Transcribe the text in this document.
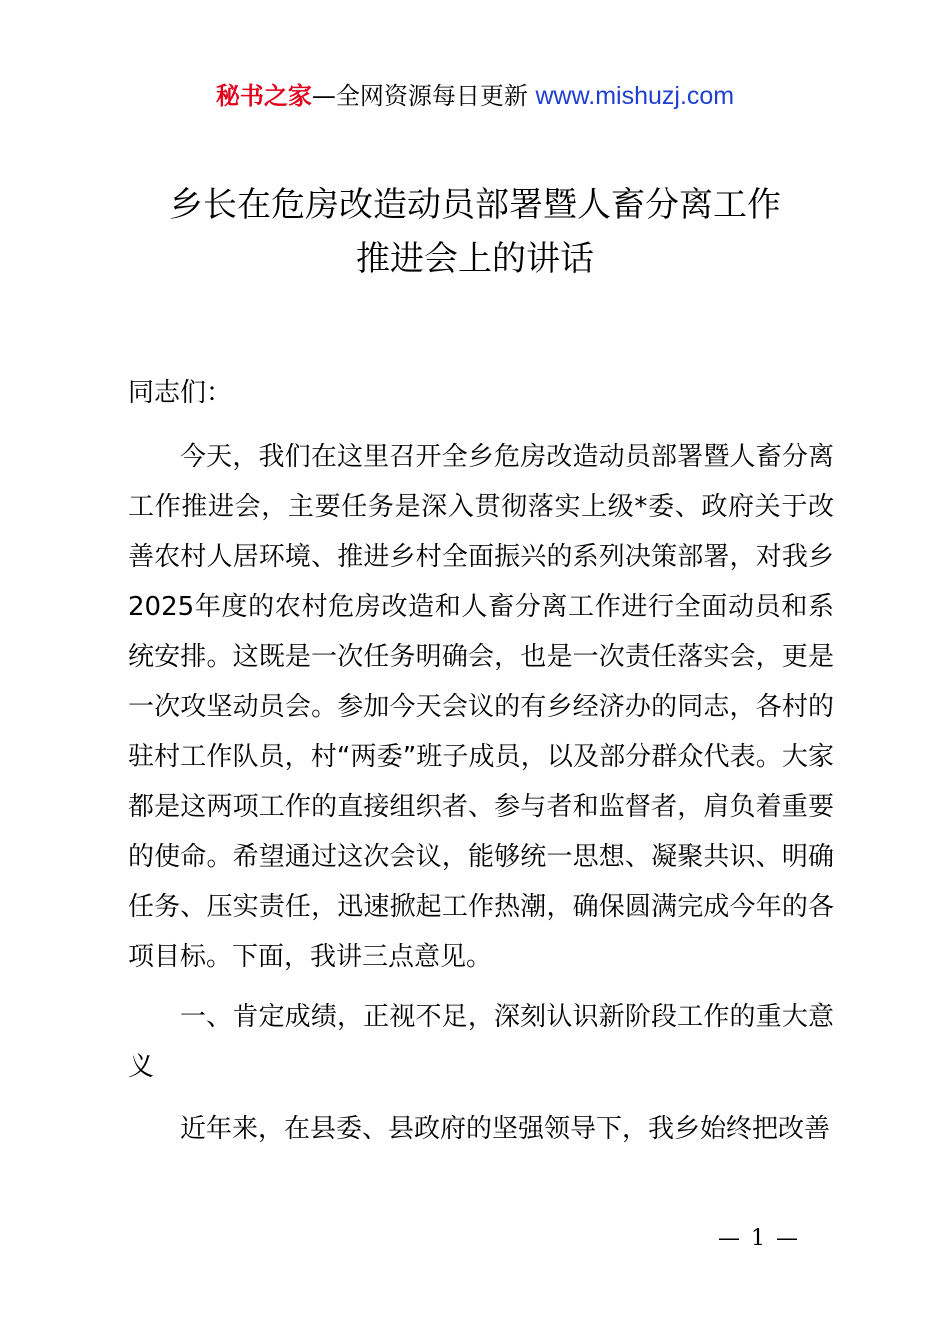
秘书之家—全网资源每日更新 www.mishuzj.com
乡长在危房改造动员部署暨人畜分离工作
推进会上的讲话
同志们：

今天，我们在这里召开全乡危房改造动员部署暨人畜分离工作推进会，主要任务是深入贯彻落实上级*委、政府关于改善农村人居环境、推进乡村全面振兴的系列决策部署，对我乡2025年度的农村危房改造和人畜分离工作进行全面动员和系统安排。这既是一次任务明确会，也是一次责任落实会，更是一次攻坚动员会。参加今天会议的有乡经济办的同志，各村的驻村工作队员，村“两委”班子成员，以及部分群众代表。大家都是这两项工作的直接组织者、参与者和监督者，肩负着重要的使命。希望通过这次会议，能够统一思想、凝聚共识、明确任务、压实责任，迅速掀起工作热潮，确保圆满完成今年的各项目标。下面，我讲三点意见。

一、肯定成绩，正视不足，深刻认识新阶段工作的重大意义

近年来，在县委、县政府的坚强领导下，我乡始终把改善

— 1 —
